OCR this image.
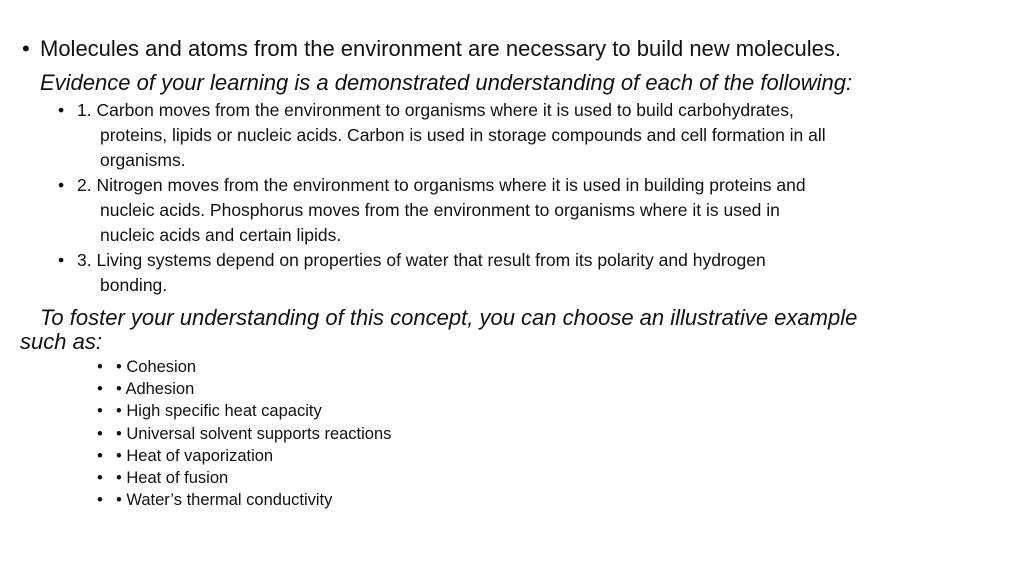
• Molecules and atoms from the environment are necessary to build new molecules.
Evidence of your learning is a demonstrated understanding of each of the following:
• 1. Carbon moves from the environment to organisms where it is used to build carbohydrates,
proteins, lipids or nucleic acids. Carbon is used in storage compounds and cell formation in all
organisms.
• 2. Nitrogen moves from the environment to organisms where it is used in building proteins and
nucleic acids. Phosphorus moves from the environment to organisms where it is used in
nucleic acids and certain lipids.
• 3. Living systems depend on properties of water that result from its polarity and hydrogen
bonding.
To foster your understanding of this concept, you can choose an illustrative example
such as:
• • Cohesion
• • Adhesion
• • High specific heat capacity
• • Universal solvent supports reactions
• • Heat of vaporization
• • Heat of fusion
• • Water’s thermal conductivity
